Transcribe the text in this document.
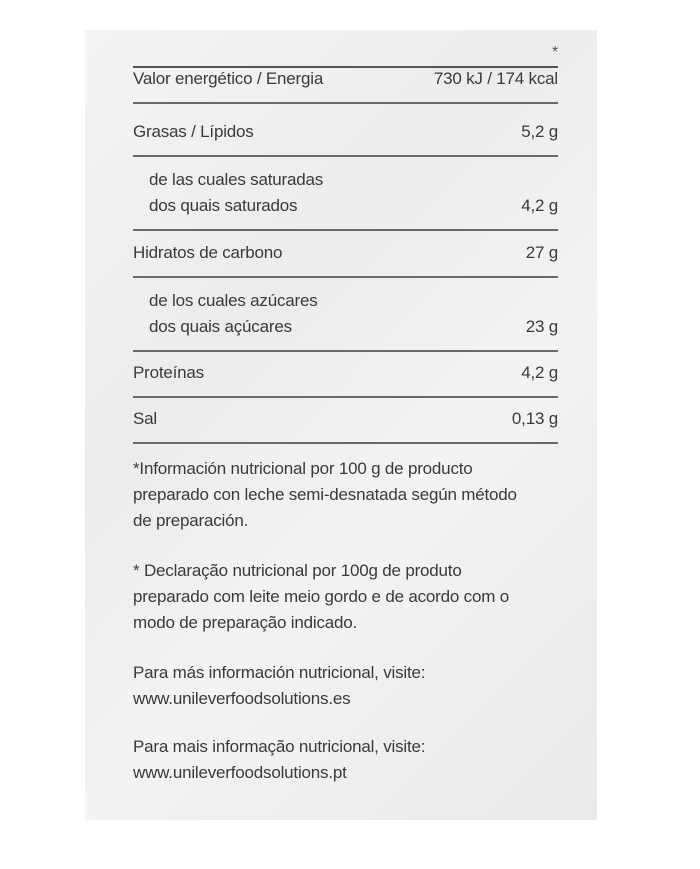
*
Valor energético / Energia	730 kJ / 174 kcal
Grasas / Lípidos	5,2 g
de las cuales saturadas
dos quais saturados	4,2 g
Hidratos de carbono	27 g
de los cuales azúcares
dos quais açúcares	23 g
Proteínas	4,2 g
Sal	0,13 g

*Información nutricional por 100 g de producto

preparado con leche semi-desnatada según método

de preparación.

* Declaração nutricional por 100g de produto

preparado com leite meio gordo e de acordo com o

modo de preparação indicado.

Para más información nutricional, visite:

www.unileverfoodsolutions.es

Para mais informação nutricional, visite:

www.unileverfoodsolutions.pt
